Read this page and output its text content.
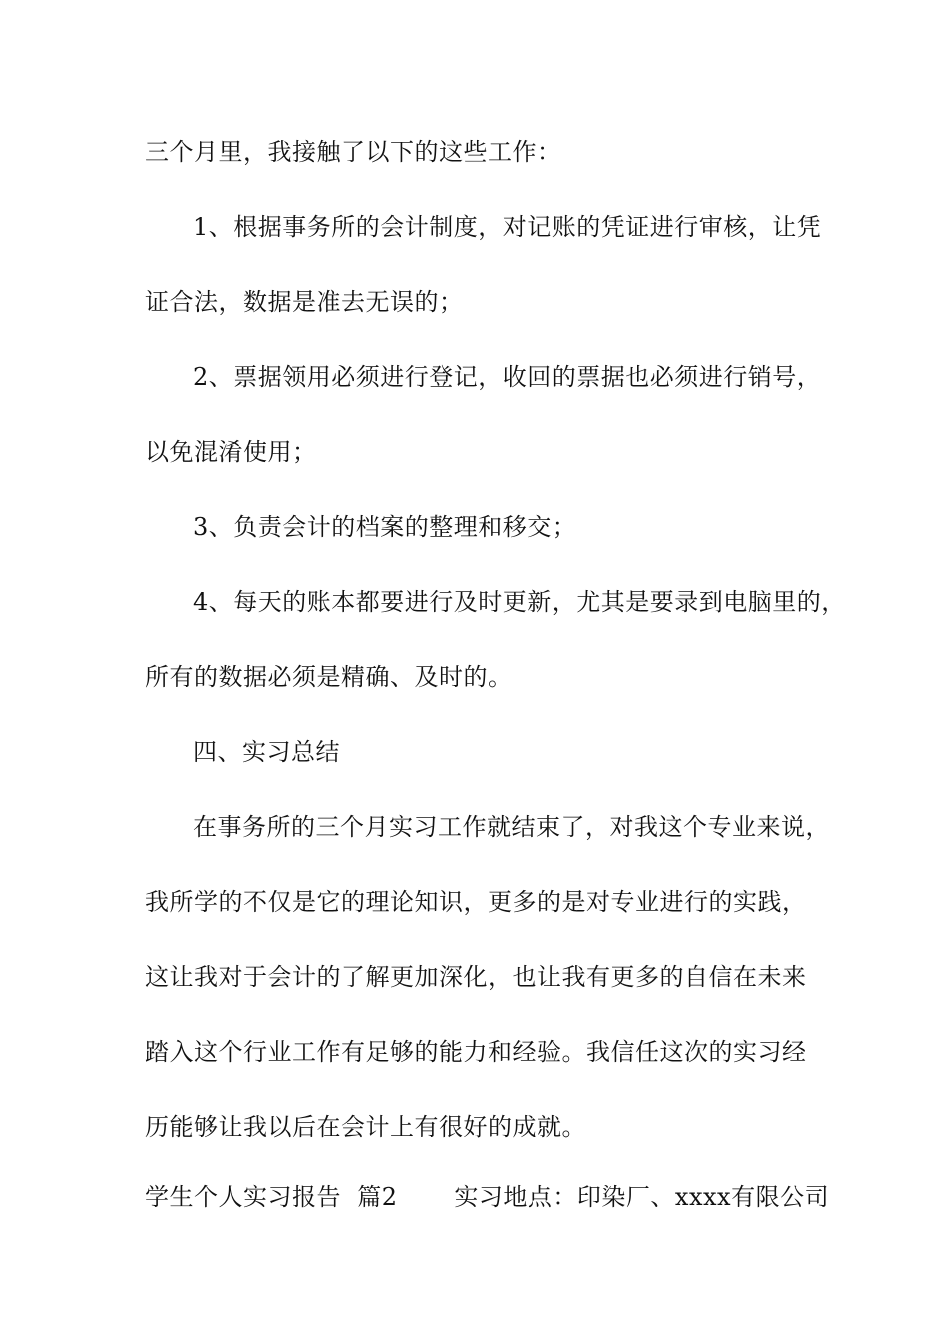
三个月里，我接触了以下的这些工作：
1、根据事务所的会计制度，对记账的凭证进行审核，让凭
证合法，数据是准去无误的；
2、票据领用必须进行登记，收回的票据也必须进行销号，
以免混淆使用；
3、负责会计的档案的整理和移交；
4、每天的账本都要进行及时更新，尤其是要录到电脑里的，
所有的数据必须是精确、及时的。
四、实习总结
在事务所的三个月实习工作就结束了，对我这个专业来说，
我所学的不仅是它的理论知识，更多的是对专业进行的实践，
这让我对于会计的了解更加深化，也让我有更多的自信在未来
踏入这个行业工作有足够的能力和经验。我信任这次的实习经
历能够让我以后在会计上有很好的成就。
学生个人实习报告  篇2       实习地点：印染厂、xxxx有限公司
